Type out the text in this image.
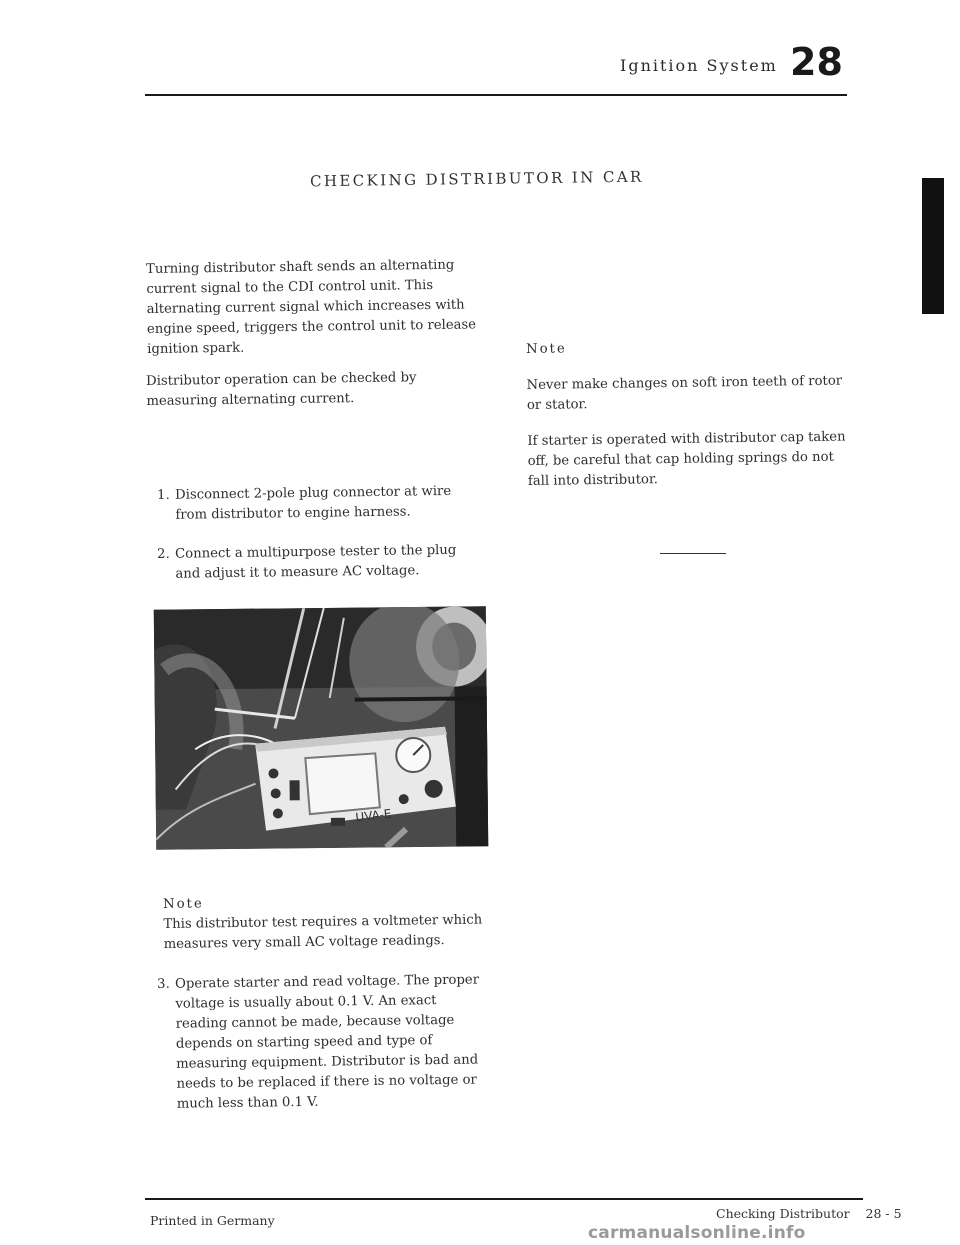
Ignition System 28
CHECKING DISTRIBUTOR IN CAR

Turning distributor shaft sends an alternating current signal to the CDI control unit. This alternating current signal which increases with engine speed, triggers the control unit to release ignition spark.

Distributor operation can be checked by measuring alternating current.

1. Disconnect 2-pole plug connector at wire from distributor to engine harness.
2. Connect a multipurpose tester to the plug and adjust it to measure AC voltage.
UVA-E

Note

This distributor test requires a voltmeter which measures very small AC voltage readings.

3. Operate starter and read voltage. The proper voltage is usually about 0.1 V. An exact reading cannot be made, because voltage depends on starting speed and type of measuring equipment. Distributor is bad and needs to be replaced if there is no voltage or much less than 0.1 V.

Note

Never make changes on soft iron teeth of rotor or stator.

If starter is operated with distributor cap taken off, be careful that cap holding springs do not fall into distributor.

Printed in Germany	Checking Distributor    28 - 5
carmanualsonline.info
